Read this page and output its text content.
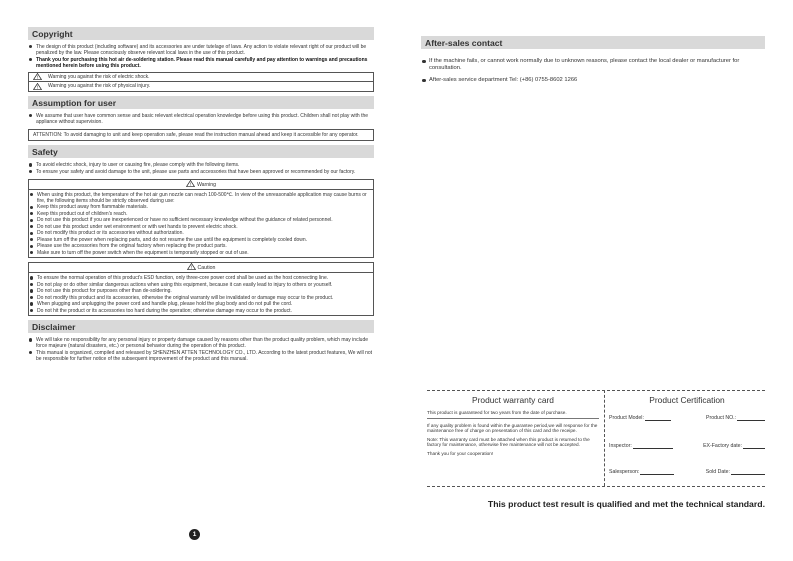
Copyright
The design of this product (including software) and its accessories are under tutelage of laws. Any action to violate relevant right of our product will be penalized by the law. Please consciously observe relevant local laws in the use of this product.
Thank you for purchasing this hot air de-soldering station. Please read this manual carefully and pay attention to warnings and precautions mentioned herein before using this product.
! Warning you against the risk of electric shock.
! Warning you against the risk of physical injury.
Assumption for user
We assume that user have common sense and basic relevant electrical operation knowledge before using this product. Children shall not play with the appliance without supervision.
ATTENTION: To avoid damaging to unit and keep operation safe, please read the instruction manual ahead and keep it accessible for any operator.
Safety
To avoid electric shock, injury to user or causing fire, please comply with the following items.
To ensure your safety and avoid damage to the unit, please use parts and accessories that have been approved or recommended by our factory.
! Warning
When using this product, the temperature of the hot air gun nozzle can reach 100-500℃. In view of the unreasonable application may cause burns or fire, the following items should be strictly observed during use:
Keep this product away from flammable materials.
Keep this product out of children's reach.
Do not use this product if you are inexperienced or have no sufficient necessary knowledge without the guidance of related personnel.
Do not use this product under wet environment or with wet hands to prevent electric shock.
Do not modify this product or its accessories without authorization.
Please turn off the power when replacing parts, and do not resume the use until the equipment is completely cooled down.
Please use the accessories from the original factory when replacing the product parts.
Make sure to turn off the power switch when the equipment is temporarily stopped or out of use.
! Caution
To ensure the normal operation of this product's ESD function, only three-core power cord shall be used as the host connecting line.
Do not play or do other similar dangerous actions when using this equipment, because it can easily lead to injury to others or yourself.
Do not use this product for purposes other than de-soldering.
Do not modify this product and its accessories, otherwise the original warranty will be invalidated or damage may occur to the product.
When plugging and unplugging the power cord and handle plug, please hold the plug body and do not pull the cord.
Do not hit the product or its accessories too hard during the operation; otherwise damage may occur to the product.
Disclaimer
We will take no responsibility for any personal injury or property damage caused by reasons other than the product quality problem, which may include force majeure (natural disasters, etc.) or personal behavior during the operation of this product.
This manual is organized, compiled and released by SHENZHEN ATTEN TECHNOLOGY CO., LTD. According to the latest product features, We will not be responsible for further notice of the subsequent improvement of the product and this manual.
1
After-sales contact
If the machine fails, or cannot work normally due to unknown reasons, please contact the local dealer or manufacturer for consultation.
After-sales service department Tel: (+86) 0755-8602 1266
Product warranty card

This product is guaranteed for two years from the date of purchase.

If any quality problem is found within the guarantee period,we will response for the maintenance free of charge on presentation of this card and the receipe.

Note: This warranty card must be attached when this product is returned to the factory for maintenance, otherwise free maintenance will not be accepted.

Thank you for your cooperation!

Product Certification
Product Model:	Product NO.:
Inspector:	EX-Factory date:
Salesperson:	Sold Date:
This product test result is qualified and met the technical standard.
